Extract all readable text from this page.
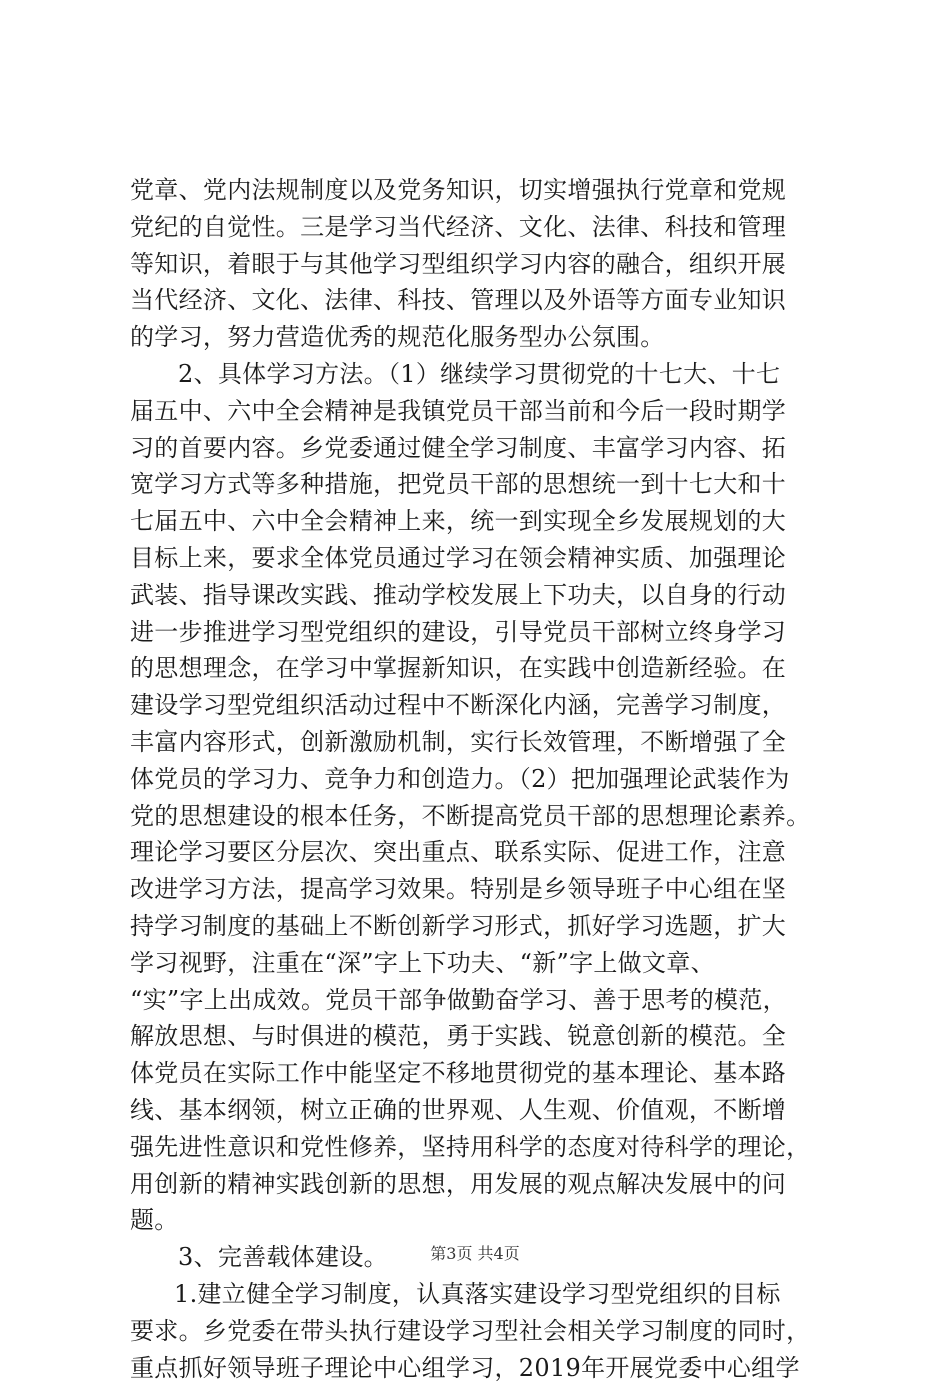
党章、党内法规制度以及党务知识，切实增强执行党章和党规
党纪的自觉性。三是学习当代经济、文化、法律、科技和管理
等知识，着眼于与其他学习型组织学习内容的融合，组织开展
当代经济、文化、法律、科技、管理以及外语等方面专业知识
的学习，努力营造优秀的规范化服务型办公氛围。
2、具体学习方法。（1）继续学习贯彻党的十七大、十七
届五中、六中全会精神是我镇党员干部当前和今后一段时期学
习的首要内容。乡党委通过健全学习制度、丰富学习内容、拓
宽学习方式等多种措施，把党员干部的思想统一到十七大和十
七届五中、六中全会精神上来，统一到实现全乡发展规划的大
目标上来，要求全体党员通过学习在领会精神实质、加强理论
武装、指导课改实践、推动学校发展上下功夫，以自身的行动
进一步推进学习型党组织的建设，引导党员干部树立终身学习
的思想理念，在学习中掌握新知识，在实践中创造新经验。在
建设学习型党组织活动过程中不断深化内涵，完善学习制度，
丰富内容形式，创新激励机制，实行长效管理，不断增强了全
体党员的学习力、竞争力和创造力。（2）把加强理论武装作为
党的思想建设的根本任务，不断提高党员干部的思想理论素养。
理论学习要区分层次、突出重点、联系实际、促进工作，注意
改进学习方法，提高学习效果。特别是乡领导班子中心组在坚
持学习制度的基础上不断创新学习形式，抓好学习选题，扩大
学习视野，注重在“深”字上下功夫、“新”字上做文章、
“实”字上出成效。党员干部争做勤奋学习、善于思考的模范，
解放思想、与时俱进的模范，勇于实践、锐意创新的模范。全
体党员在实际工作中能坚定不移地贯彻党的基本理论、基本路
线、基本纲领，树立正确的世界观、人生观、价值观，不断增
强先进性意识和党性修养，坚持用科学的态度对待科学的理论，
用创新的精神实践创新的思想，用发展的观点解决发展中的问
题。
3、完善载体建设。
1.建立健全学习制度，认真落实建设学习型党组织的目标
要求。乡党委在带头执行建设学习型社会相关学习制度的同时，
重点抓好领导班子理论中心组学习，2019年开展党委中心组学
第3页 共4页
